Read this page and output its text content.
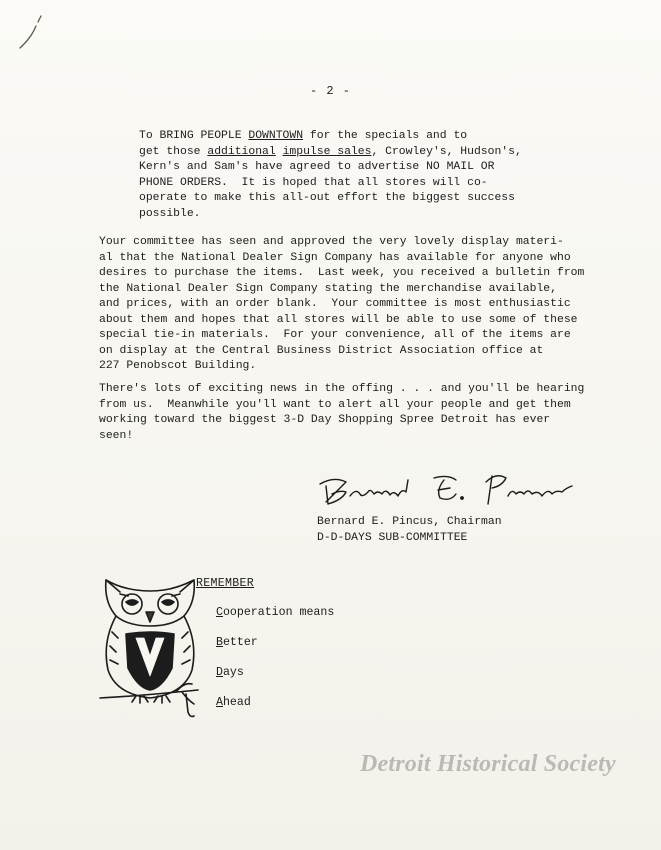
- 2 -
To BRING PEOPLE DOWNTOWN for the specials and to
get those additional impulse sales, Crowley's, Hudson's,
Kern's and Sam's have agreed to advertise NO MAIL OR
PHONE ORDERS.  It is hoped that all stores will co-
operate to make this all-out effort the biggest success
possible.
Your committee has seen and approved the very lovely display materi-
al that the National Dealer Sign Company has available for anyone who
desires to purchase the items.  Last week, you received a bulletin from
the National Dealer Sign Company stating the merchandise available,
and prices, with an order blank.  Your committee is most enthusiastic
about them and hopes that all stores will be able to use some of these
special tie-in materials.  For your convenience, all of the items are
on display at the Central Business District Association office at
227 Penobscot Building.
There's lots of exciting news in the offing . . . and you'll be hearing
from us.  Meanwhile you'll want to alert all your people and get them
working toward the biggest 3-D Day Shopping Spree Detroit has ever
seen!
Bernard E. Pincus, Chairman
D-D-DAYS SUB-COMMITTEE
REMEMBER
Cooperation means
Better
Days
Ahead
Detroit Historical Society
